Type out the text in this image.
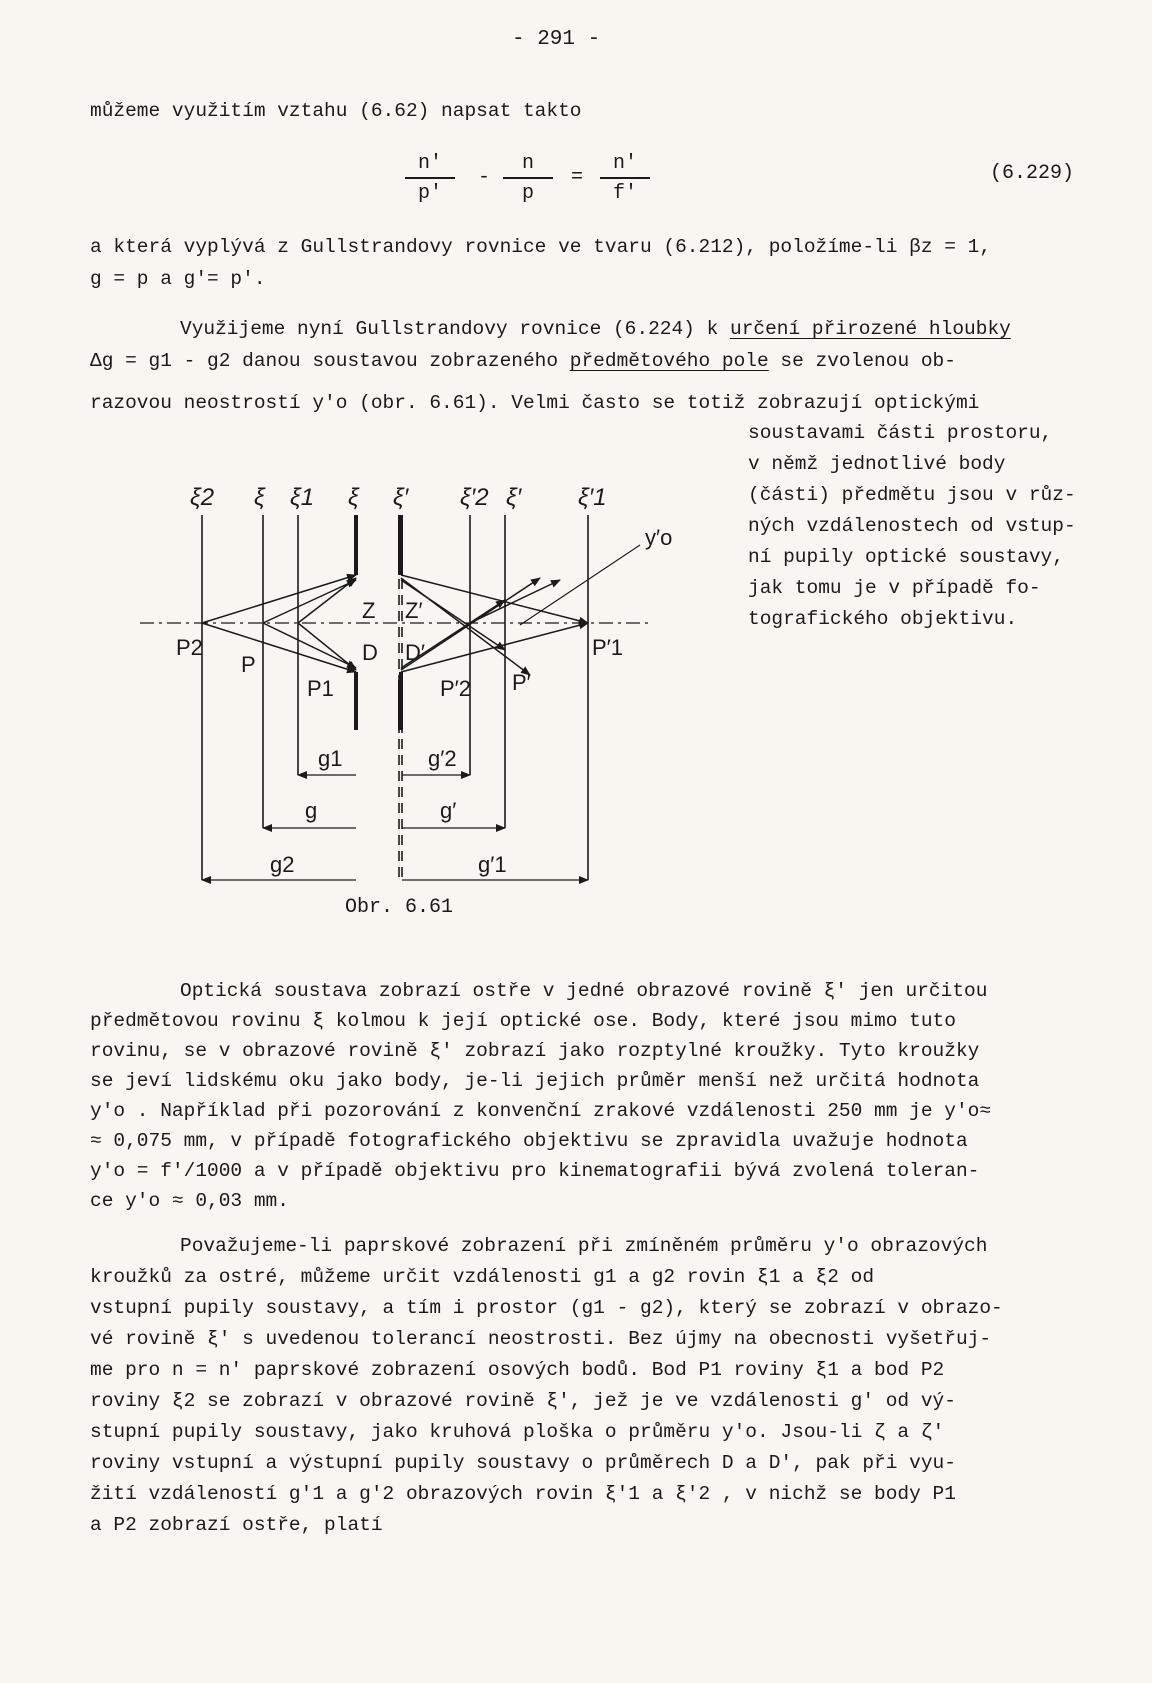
- 291 -
můžeme využitím vztahu (6.62) napsat takto
n′
p′
-
n
p
=
n′
f′
(6.229)
a která vyplývá z Gullstrandovy rovnice ve tvaru (6.212), položíme-li βz = 1,
g = p a g′= p′.
Využijeme nyní Gullstrandovy rovnice (6.224) k určení přirozené hloubky
Δg = g1 - g2 danou soustavou zobrazeného předmětového pole se zvolenou ob-
razovou neostrostí y′o (obr. 6.61). Velmi často se totiž zobrazují optickými
soustavami části prostoru,
v němž jednotlivé body
(části) předmětu jsou v růz-
ných vzdálenostech od vstup-
ní pupily optické soustavy,
jak tomu je v případě fo-
tografického objektivu.
ξ2 ξ ξ1 ξ ξ′ ξ′2 ξ′ ξ′1
P2
P
P1
Z
D
Z′
D′
P′2 P′
P′1
y′o
g1	g′2
g	g′
g2	g′1
Obr. 6.61
Optická soustava zobrazí ostře v jedné obrazové rovině ξ′ jen určitou
předmětovou rovinu ξ kolmou k její optické ose. Body, které jsou mimo tuto
rovinu, se v obrazové rovině ξ′ zobrazí jako rozptylné kroužky. Tyto kroužky
se jeví lidskému oku jako body, je-li jejich průměr menší než určitá hodnota
y′o . Například při pozorování z konvenční zrakové vzdálenosti 250 mm je y′o≈
≈ 0,075 mm, v případě fotografického objektivu se zpravidla uvažuje hodnota
y′o = f′/1000 a v případě objektivu pro kinematografii bývá zvolená toleran-
ce y′o ≈ 0,03 mm.
Považujeme-li paprskové zobrazení při zmíněném průměru y′o obrazových
kroužků za ostré, můžeme určit vzdálenosti g1 a g2 rovin ξ1 a ξ2 od
vstupní pupily soustavy, a tím i prostor (g1 - g2), který se zobrazí v obrazo-
vé rovině ξ′ s uvedenou tolerancí neostrosti. Bez újmy na obecnosti vyšetřuj-
me pro n = n′ paprskové zobrazení osových bodů. Bod P1 roviny ξ1 a bod P2
roviny ξ2 se zobrazí v obrazové rovině ξ′, jež je ve vzdálenosti g′ od vý-
stupní pupily soustavy, jako kruhová ploška o průměru y′o. Jsou-li ζ a ζ′
roviny vstupní a výstupní pupily soustavy o průměrech D a D′, pak při vyu-
žití vzdáleností g′1 a g′2 obrazových rovin ξ′1 a ξ′2 , v nichž se body P1
a P2 zobrazí ostře, platí
